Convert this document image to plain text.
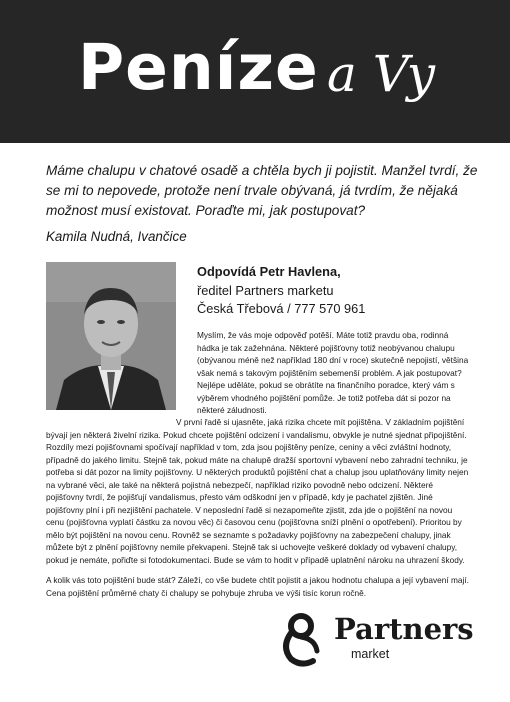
Peníze a Vy

Máme chalupu v chatové osadě a chtěla bych ji pojistit. Manžel tvrdí, že se mi to nepovede, protože není trvale obývaná, já tvrdím, že nějaká možnost musí existovat. Poraďte mi, jak postupovat?

Kamila Nudná, Ivančice
Odpovídá Petr Havlena,
ředitel Partners marketu
Česká Třebová / 777 570 961

Myslím, že vás moje odpověď potěší. Máte totiž pravdu oba, rodinná hádka je tak zažehnána. Některé pojišťovny totiž neobývanou chalupu (obývanou méně než například 180 dní v roce) skutečně nepojistí, většina však nemá s takovým pojištěním sebemenší problém. A jak postupovat? Nejlépe uděláte, pokud se obrátíte na finančního poradce, který vám s výběrem vhodného pojištění pomůže. Je totiž potřeba dát si pozor na některé záludnosti.

V první řadě si ujasněte, jaká rizika chcete mít pojištěna. V základním pojištění bývají jen některá živelní rizika. Pokud chcete pojištění odcizení i vandalismu, obvykle je nutné sjednat připojištění. Rozdíly mezi pojišťovnami spočívají například v tom, zda jsou pojištěny peníze, ceniny a věci zvláštní hodnoty, případně do jakého limitu. Stejně tak, pokud máte na chalupě dražší sportovní vybavení nebo zahradní techniku, je potřeba si dát pozor na limity pojišťovny. U některých produktů pojištění chat a chalup jsou uplatňovány limity nejen na vybrané věci, ale také na některá pojistná nebezpečí, například riziko povodně nebo odcizení. Některé pojišťovny tvrdí, že pojišťují vandalismus, přesto vám odškodní jen v případě, kdy je pachatel zjištěn. Jiné pojišťovny plní i při nezjištění pachatele. V neposlední řadě si nezapomeňte zjistit, zda jde o pojištění na novou cenu (pojišťovna vyplatí částku za novou věc) či časovou cenu (pojišťovna sníží plnění o opotřebení). Prioritou by mělo být pojištění na novou cenu. Rovněž se seznamte s požadavky pojišťovny na zabezpečení chalupy, jinak můžete být z plnění pojišťovny nemile překvapeni. Stejně tak si uchovejte veškeré doklady od vybavení chalupy, pokud je nemáte, pořiďte si fotodokumentaci. Bude se vám to hodit v případě uplatnění nároku na uhrazení škody.

A kolik vás toto pojištění bude stát? Záleží, co vše budete chtít pojistit a jakou hodnotu chalupa a její vybavení mají. Cena pojištění průměrné chaty či chalupy se pohybuje zhruba ve výši tisíc korun ročně.

Partners
market
